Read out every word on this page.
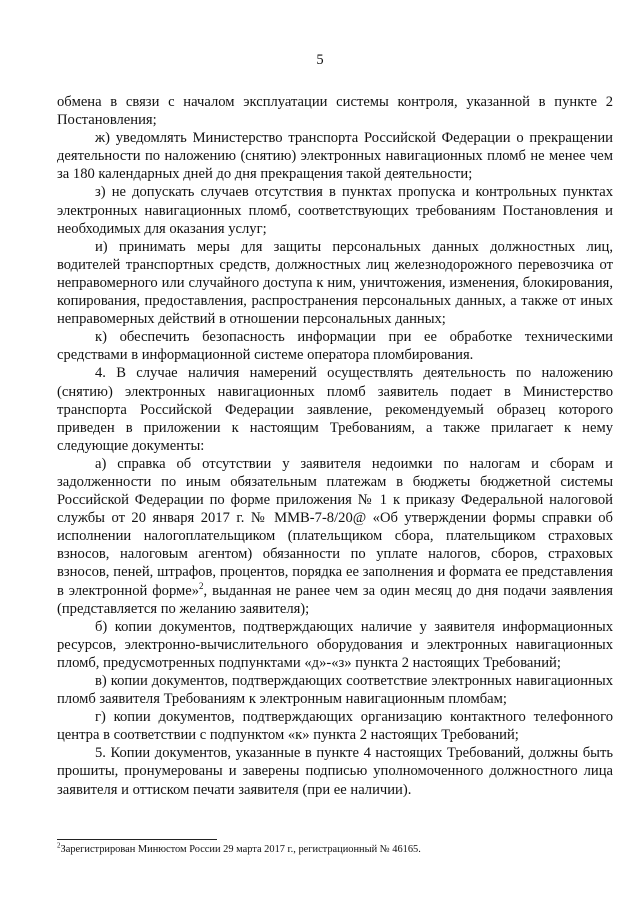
5

обмена в связи с началом эксплуатации системы контроля, указанной в пункте 2 Постановления;

ж) уведомлять Министерство транспорта Российской Федерации о прекращении деятельности по наложению (снятию) электронных навигационных пломб не менее чем за 180 календарных дней до дня прекращения такой деятельности;

з) не допускать случаев отсутствия в пунктах пропуска и контрольных пунктах электронных навигационных пломб, соответствующих требованиям Постановления и необходимых для оказания услуг;

и) принимать меры для защиты персональных данных должностных лиц, водителей транспортных средств, должностных лиц железнодорожного перевозчика от неправомерного или случайного доступа к ним, уничтожения, изменения, блокирования, копирования, предоставления, распространения персональных данных, а также от иных неправомерных действий в отношении персональных данных;

к) обеспечить безопасность информации при ее обработке техническими средствами в информационной системе оператора пломбирования.

4. В случае наличия намерений осуществлять деятельность по наложению (снятию) электронных навигационных пломб заявитель подает в Министерство транспорта Российской Федерации заявление, рекомендуемый образец которого приведен в приложении к настоящим Требованиям, а также прилагает к нему следующие документы:

а) справка об отсутствии у заявителя недоимки по налогам и сборам и задолженности по иным обязательным платежам в бюджеты бюджетной системы Российской Федерации по форме приложения № 1 к приказу Федеральной налоговой службы от 20 января 2017 г. № ММВ-7-8/20@ «Об утверждении формы справки об исполнении налогоплательщиком (плательщиком сбора, плательщиком страховых взносов, налоговым агентом) обязанности по уплате налогов, сборов, страховых взносов, пеней, штрафов, процентов, порядка ее заполнения и формата ее представления в электронной форме»$^2$, выданная не ранее чем за один месяц до дня подачи заявления (представляется по желанию заявителя);

б) копии документов, подтверждающих наличие у заявителя информационных ресурсов, электронно-вычислительного оборудования и электронных навигационных пломб, предусмотренных подпунктами «д»-«з» пункта 2 настоящих Требований;

в) копии документов, подтверждающих соответствие электронных навигационных пломб заявителя Требованиям к электронным навигационным пломбам;

г) копии документов, подтверждающих организацию контактного телефонного центра в соответствии с подпунктом «к» пункта 2 настоящих Требований;

5. Копии документов, указанные в пункте 4 настоящих Требований, должны быть прошиты, пронумерованы и заверены подписью уполномоченного должностного лица заявителя и оттиском печати заявителя (при ее наличии).

$^2$Зарегистрирован Минюстом России 29 марта 2017 г., регистрационный № 46165.
